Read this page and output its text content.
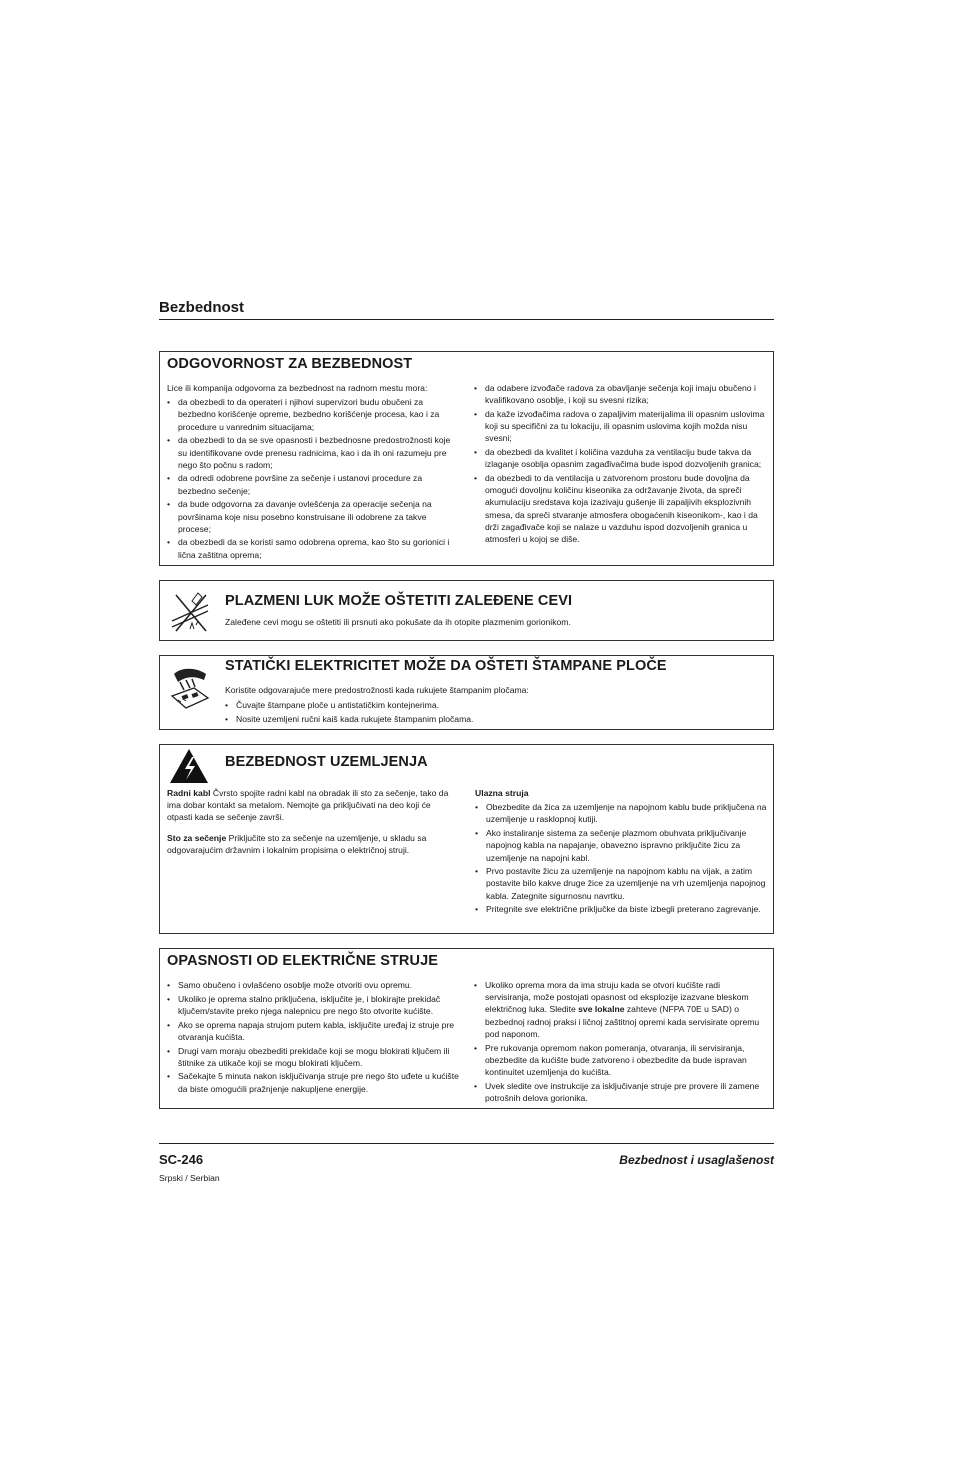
Bezbednost
ODGOVORNOST ZA BEZBEDNOST
Lice ili kompanija odgovorna za bezbednost na radnom mestu mora:
• da obezbedi to da operateri i njihovi supervizori budu obučeni za bezbedno korišćenje opreme, bezbedno korišćenje procesa, kao i za procedure u vanrednim situacijama;
• da obezbedi to da se sve opasnosti i bezbednosne predostrožnosti koje su identifikovane ovde prenesu radnicima, kao i da ih oni razumeju pre nego što počnu s radom;
• da odredi odobrene površine za sečenje i ustanovi procedure za bezbedno sečenje;
• da bude odgovorna za davanje ovlešćenja za operacije sečenja na površinama koje nisu posebno konstruisane ili odobrene za takve procese;
• da obezbedi da se koristi samo odobrena oprema, kao što su gorionici i lična zaštitna oprema;
• da odabere izvođače radova za obavljanje sečenja koji imaju obučeno i kvalifikovano osoblje, i koji su svesni rizika;
• da kaže izvođačima radova o zapaljivim materijalima ili opasnim uslovima koji su specifični za tu lokaciju, ili opasnim uslovima kojih možda nisu svesni;
• da obezbedi da kvalitet i količina vazduha za ventilaciju bude takva da izlaganje osoblja opasnim zagađivačima bude ispod dozvoljenih granica;
• da obezbedi to da ventilacija u zatvorenom prostoru bude dovoljna da omogući dovoljnu količinu kiseonika za održavanje života, da spreči akumulaciju sredstava koja izazivaju gušenje ili zapaljivih eksplozivnih smesa, da spreči stvaranje atmosfera obogaćenih kiseonikom-, kao i da drži zagađivače koji se nalaze u vazduhu ispod dozvoljenih granica u atmosferi u kojoj se diše.
PLAZMENI LUK MOŽE OŠTETITI ZALEĐENE CEVI
Zaleđene cevi mogu se oštetiti ili prsnuti ako pokušate da ih otopite plazmenim gorionikom.
STATIČKI ELEKTRICITET MOŽE DA OŠTETI ŠTAMPANE PLOČE
Koristite odgovarajuće mere predostrožnosti kada rukujete štampanim pločama:
• Čuvajte štampane ploče u antistatičkim kontejnerima.
• Nosite uzemljeni ručni kaiš kada rukujete štampanim pločama.
BEZBEDNOST UZEMLJENJA
Radni kabl Čvrsto spojite radni kabl na obradak ili sto za sečenje, tako da ima dobar kontakt sa metalom. Nemojte ga priključivati na deo koji će otpasti kada se sečenje završi.
Sto za sečenje Priključite sto za sečenje na uzemljenje, u skladu sa odgovarajućim državnim i lokalnim propisima o električnoj struji.
Ulazna struja
• Obezbedite da žica za uzemljenje na napojnom kablu bude priključena na uzemljenje u rasklopnoj kutiji.
• Ako instaliranje sistema za sečenje plazmom obuhvata priključivanje napojnog kabla na napajanje, obavezno ispravno priključite žicu za uzemljenje na napojni kabl.
• Prvo postavite žicu za uzemljenje na napojnom kablu na vijak, a zatim postavite bilo kakve druge žice za uzemljenje na vrh uzemljenja napojnog kabla. Zategnite sigurnosnu navrtku.
• Pritegnite sve električne priključke da biste izbegli preterano zagrevanje.
OPASNOSTI OD ELEKTRIČNE STRUJE
• Samo obučeno i ovlašćeno osoblje može otvoriti ovu opremu.
• Ukoliko je oprema stalno priključena, isključite je, i blokirajte prekidač ključem/stavite preko njega nalepnicu pre nego što otvorite kućište.
• Ako se oprema napaja strujom putem kabla, isključite uređaj iz struje pre otvaranja kućišta.
• Drugi vam moraju obezbediti prekidače koji se mogu blokirati ključem ili štitnike za utikače koji se mogu blokirati ključem.
• Sačekajte 5 minuta nakon isključivanja struje pre nego što uđete u kućište da biste omogućili pražnjenje nakupljene energije.
• Ukoliko oprema mora da ima struju kada se otvori kućište radi servisiranja, može postojati opasnost od eksplozije izazvane bleskom električnog luka. Sledite sve lokalne zahteve (NFPA 70E u SAD) o bezbednoj radnoj praksi i ličnoj zaštitnoj opremi kada servisirate opremu pod naponom.
• Pre rukovanja opremom nakon pomeranja, otvaranja, ili servisiranja, obezbedite da kućište bude zatvoreno i obezbedite da bude ispravan kontinuitet uzemljenja do kućišta.
• Uvek sledite ove instrukcije za isključivanje struje pre provere ili zamene potrošnih delova gorionika.
SC-246	Bezbednost i usaglašenost
Srpski / Serbian
